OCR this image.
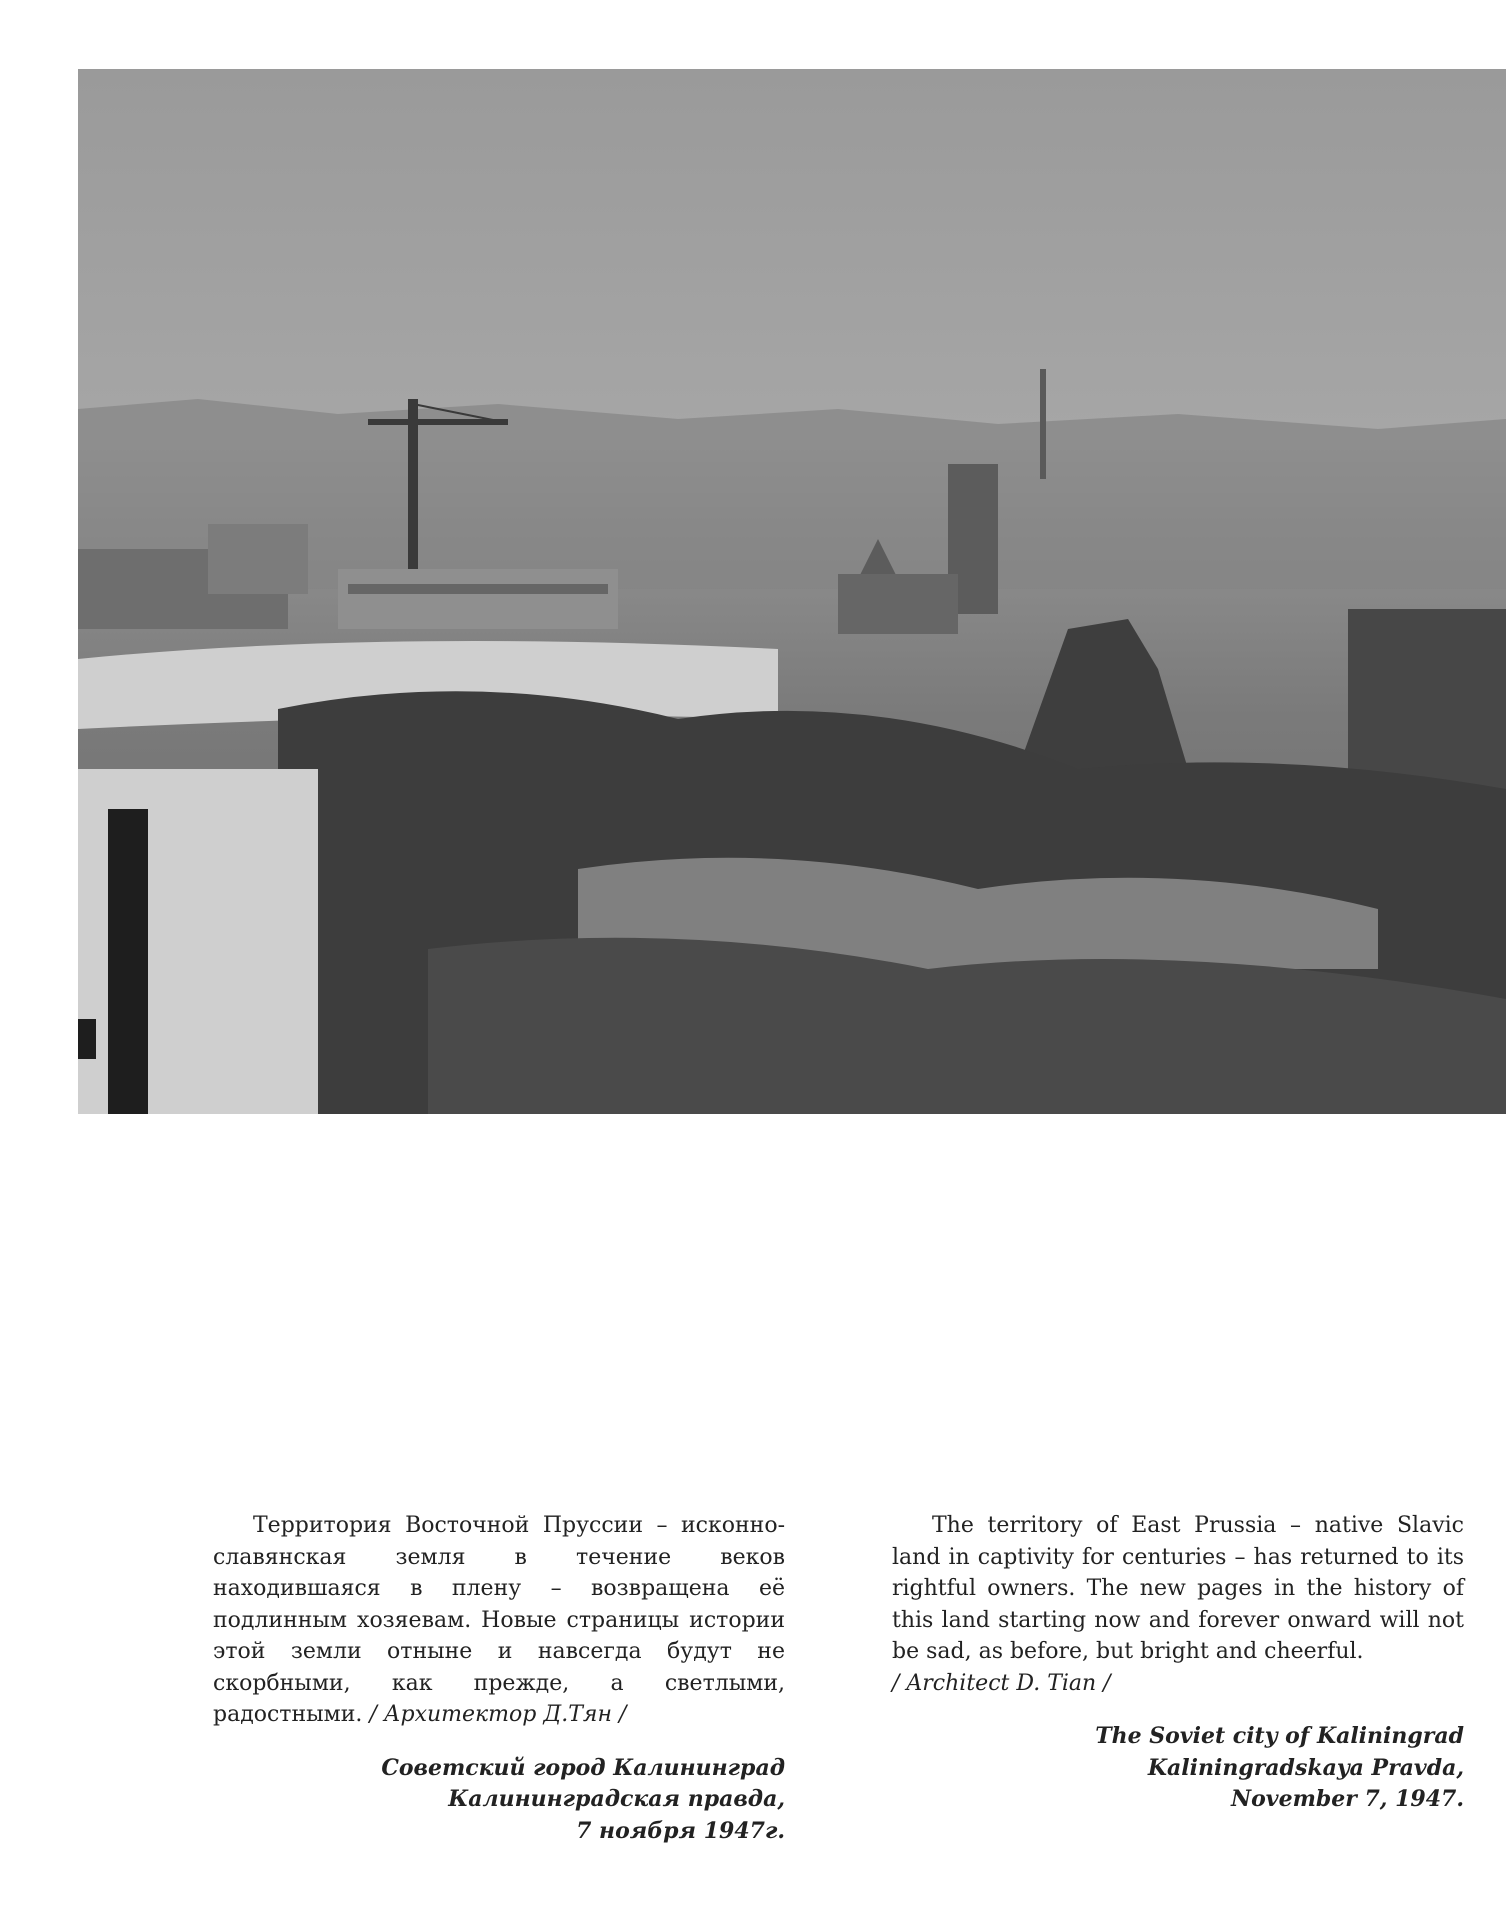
Территория Восточной Пруссии – исконно-славянская земля в течение веков находившаяся в плену – возвращена её подлинным хозяевам. Новые страницы истории этой земли отныне и навсегда будут не скорбными, как прежде, а светлыми, радостными. / Архитектор Д.Тян /

Советский город Калининград
Калининградская правда,
7 ноября 1947г.

The territory of East Prussia – native Slavic land in captivity for centuries – has returned to its rightful owners. The new pages in the history of this land starting now and forever onward will not be sad, as before, but bright and cheerful.
/ Architect D. Tian /

The Soviet city of Kaliningrad
Kaliningradskaya Pravda,
November 7, 1947.
